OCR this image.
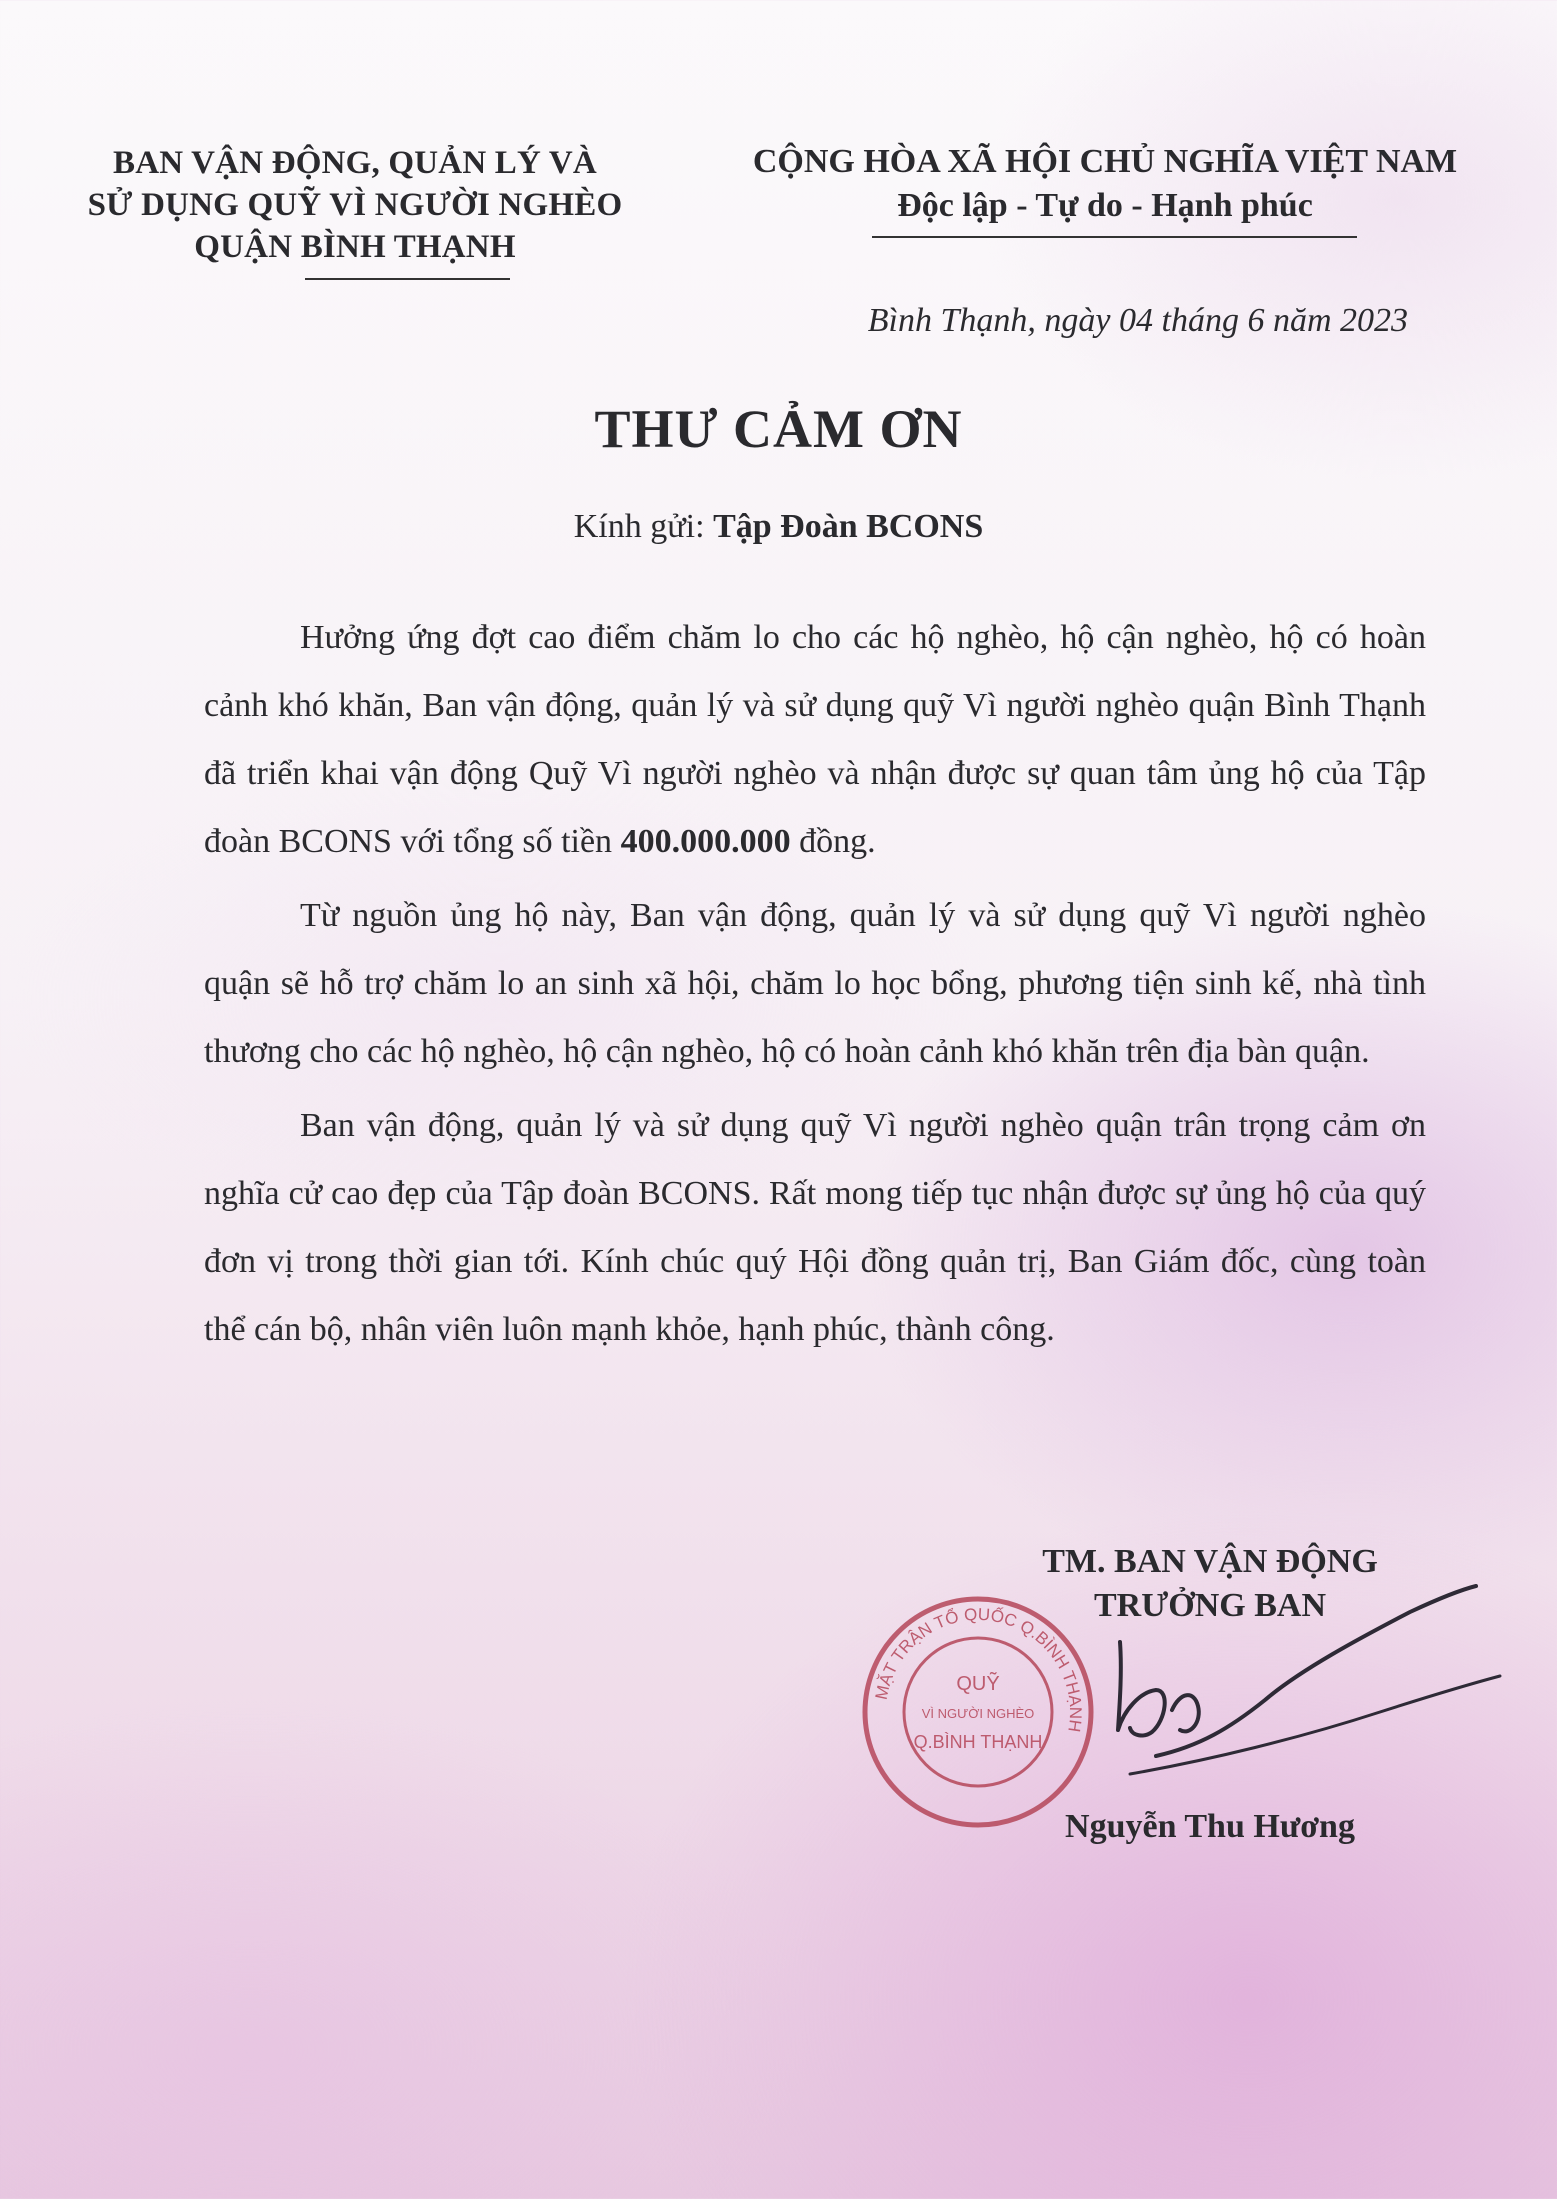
BAN VẬN ĐỘNG, QUẢN LÝ VÀ
SỬ DỤNG QUỸ VÌ NGƯỜI NGHÈO
QUẬN BÌNH THẠNH
CỘNG HÒA XÃ HỘI CHỦ NGHĨA VIỆT NAM
Độc lập - Tự do - Hạnh phúc
Bình Thạnh, ngày 04 tháng 6 năm 2023
THƯ CẢM ƠN
Kính gửi: Tập Đoàn BCONS

Hưởng ứng đợt cao điểm chăm lo cho các hộ nghèo, hộ cận nghèo, hộ có hoàn cảnh khó khăn, Ban vận động, quản lý và sử dụng quỹ Vì người nghèo quận Bình Thạnh đã triển khai vận động Quỹ Vì người nghèo và nhận được sự quan tâm ủng hộ của Tập đoàn BCONS với tổng số tiền 400.000.000 đồng.

Từ nguồn ủng hộ này, Ban vận động, quản lý và sử dụng quỹ Vì người nghèo quận sẽ hỗ trợ chăm lo an sinh xã hội, chăm lo học bổng, phương tiện sinh kế, nhà tình thương cho các hộ nghèo, hộ cận nghèo, hộ có hoàn cảnh khó khăn trên địa bàn quận.

Ban vận động, quản lý và sử dụng quỹ Vì người nghèo quận trân trọng cảm ơn nghĩa cử cao đẹp của Tập đoàn BCONS. Rất mong tiếp tục nhận được sự ủng hộ của quý đơn vị trong thời gian tới. Kính chúc quý Hội đồng quản trị, Ban Giám đốc, cùng toàn thể cán bộ, nhân viên luôn mạnh khỏe, hạnh phúc, thành công.

TM. BAN VẬN ĐỘNG
TRƯỞNG BAN
MẶT TRẬN TỔ QUỐC Q.BÌNH THẠNH
QUỸ
VÌ NGƯỜI NGHÈO
Q.BÌNH THẠNH
Nguyễn Thu Hương
